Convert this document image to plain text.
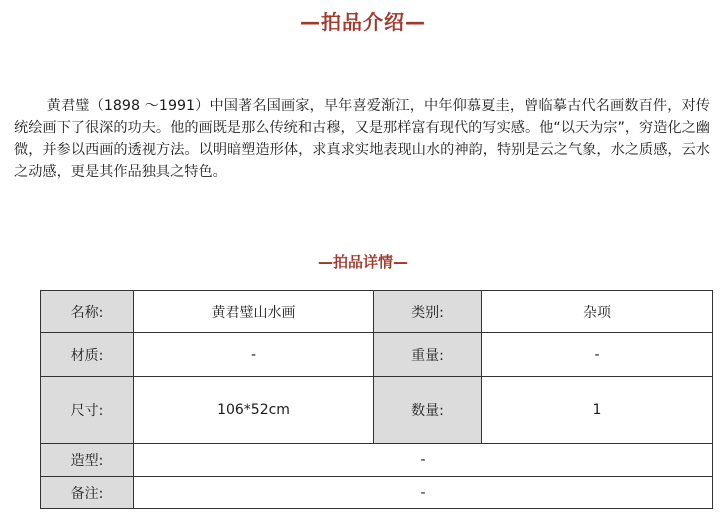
—拍品介绍—

黄君璧（1898 ～1991）中国著名国画家，早年喜爱渐江，中年仰慕夏圭，曾临摹古代名画数百件，对传统绘画下了很深的功夫。他的画既是那么传统和古穆，又是那样富有现代的写实感。他“以天为宗”，穷造化之幽微，并参以西画的透视方法。以明暗塑造形体，求真求实地表现山水的神韵，特别是云之气象，水之质感，云水之动感，更是其作品独具之特色。

—拍品详情—
名称:	黄君璧山水画	类别:	杂项
材质:	-	重量:	-
尺寸:	106*52cm	数量:	1
造型:	-		
备注:	-		
